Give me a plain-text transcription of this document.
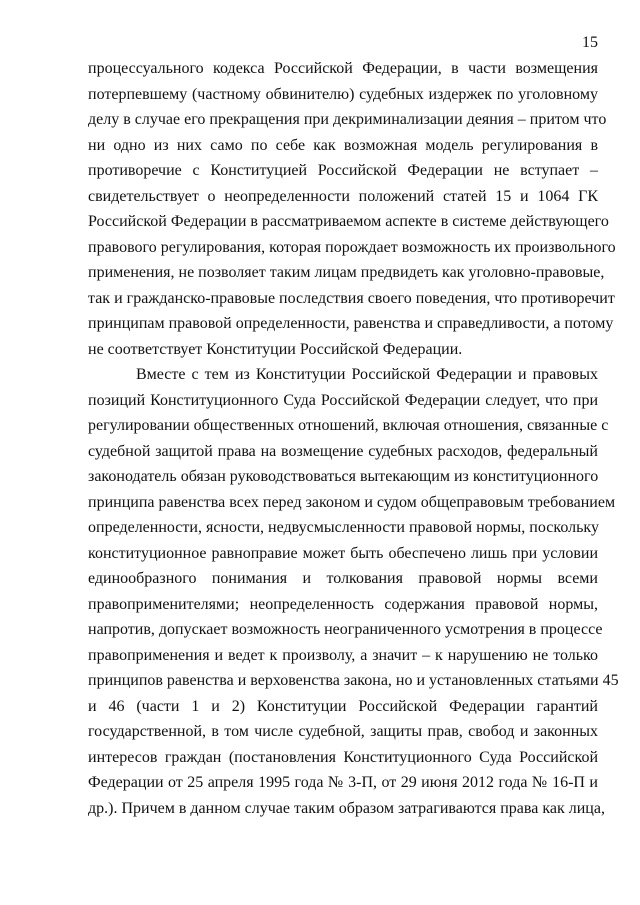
15
процессуального кодекса Российской Федерации, в части возмещения
потерпевшему (частному обвинителю) судебных издержек по уголовному
делу в случае его прекращения при декриминализации деяния – притом что
ни одно из них само по себе как возможная модель регулирования в
противоречие с Конституцией Российской Федерации не вступает –
свидетельствует о неопределенности положений статей 15 и 1064 ГК
Российской Федерации в рассматриваемом аспекте в системе действующего
правового регулирования, которая порождает возможность их произвольного
применения, не позволяет таким лицам предвидеть как уголовно-правовые,
так и гражданско-правовые последствия своего поведения, что противоречит
принципам правовой определенности, равенства и справедливости, а потому
не соответствует Конституции Российской Федерации.
Вместе с тем из Конституции Российской Федерации и правовых
позиций Конституционного Суда Российской Федерации следует, что при
регулировании общественных отношений, включая отношения, связанные с
судебной защитой права на возмещение судебных расходов, федеральный
законодатель обязан руководствоваться вытекающим из конституционного
принципа равенства всех перед законом и судом общеправовым требованием
определенности, ясности, недвусмысленности правовой нормы, поскольку
конституционное равноправие может быть обеспечено лишь при условии
единообразного понимания и толкования правовой нормы всеми
правоприменителями; неопределенность содержания правовой нормы,
напротив, допускает возможность неограниченного усмотрения в процессе
правоприменения и ведет к произволу, а значит – к нарушению не только
принципов равенства и верховенства закона, но и установленных статьями 45
и 46 (части 1 и 2) Конституции Российской Федерации гарантий
государственной, в том числе судебной, защиты прав, свобод и законных
интересов граждан (постановления Конституционного Суда Российской
Федерации от 25 апреля 1995 года № 3-П, от 29 июня 2012 года № 16-П и
др.). Причем в данном случае таким образом затрагиваются права как лица,
